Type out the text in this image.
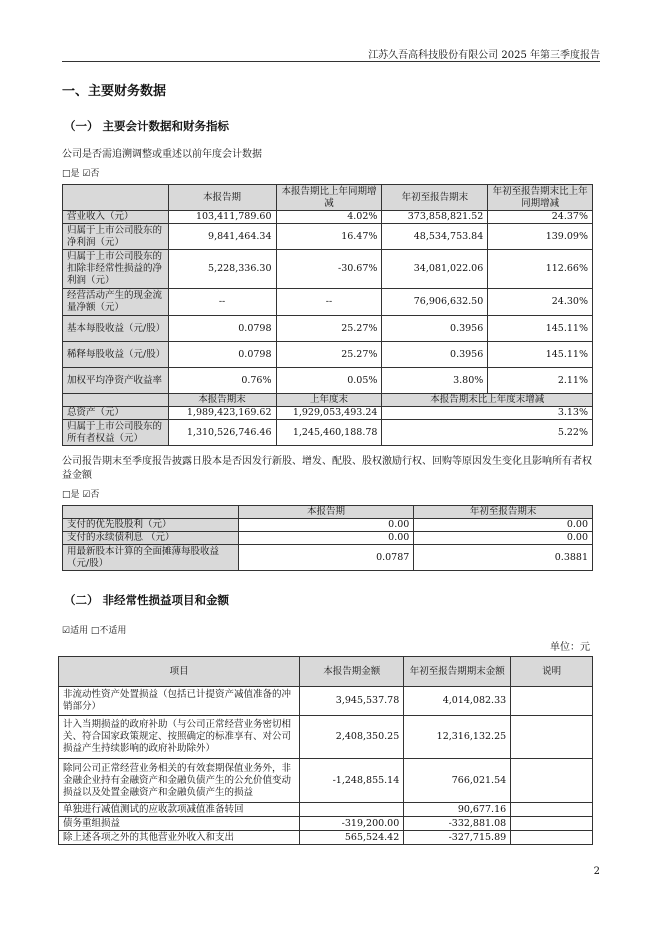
江苏久吾高科技股份有限公司 2025 年第三季度报告
一、主要财务数据
（一） 主要会计数据和财务指标
公司是否需追溯调整或重述以前年度会计数据
□是 ☑否
	本报告期	本报告期比上年同期增减	年初至报告期末	年初至报告期末比上年同期增减
营业收入（元）	103,411,789.60	4.02%	373,858,821.52	24.37%
归属于上市公司股东的净利润（元）	9,841,464.34	16.47%	48,534,753.84	139.09%
归属于上市公司股东的扣除非经常性损益的净利润（元）	5,228,336.30	-30.67%	34,081,022.06	112.66%
经营活动产生的现金流量净额（元）	--	--	76,906,632.50	24.30%
基本每股收益（元/股）	0.0798	25.27%	0.3956	145.11%
稀释每股收益（元/股）	0.0798	25.27%	0.3956	145.11%
加权平均净资产收益率	0.76%	0.05%	3.80%	2.11%
	本报告期末	上年度末	本报告期末比上年度末增减	
总资产（元）	1,989,423,169.62	1,929,053,493.24	3.13%	
归属于上市公司股东的所有者权益（元）	1,310,526,746.46	1,245,460,188.78	5.22%	
公司报告期末至季度报告披露日股本是否因发行新股、增发、配股、股权激励行权、回购等原因发生变化且影响所有者权益金额
□是 ☑否
	本报告期	年初至报告期末
支付的优先股股利（元）	0.00	0.00
支付的永续债利息 （元）	0.00	0.00
用最新股本计算的全面摊薄每股收益（元/股）	0.0787	0.3881
（二） 非经常性损益项目和金额
☑适用 □不适用
单位：元
项目	本报告期金额	年初至报告期期末金额	说明
非流动性资产处置损益（包括已计提资产减值准备的冲销部分）	3,945,537.78	4,014,082.33	
计入当期损益的政府补助（与公司正常经营业务密切相关、符合国家政策规定、按照确定的标准享有、对公司损益产生持续影响的政府补助除外）	2,408,350.25	12,316,132.25	
除同公司正常经营业务相关的有效套期保值业务外，非金融企业持有金融资产和金融负债产生的公允价值变动损益以及处置金融资产和金融负债产生的损益	-1,248,855.14	766,021.54	
单独进行减值测试的应收款项减值准备转回		90,677.16	
债务重组损益	-319,200.00	-332,881.08	
除上述各项之外的其他营业外收入和支出	565,524.42	-327,715.89	
2
